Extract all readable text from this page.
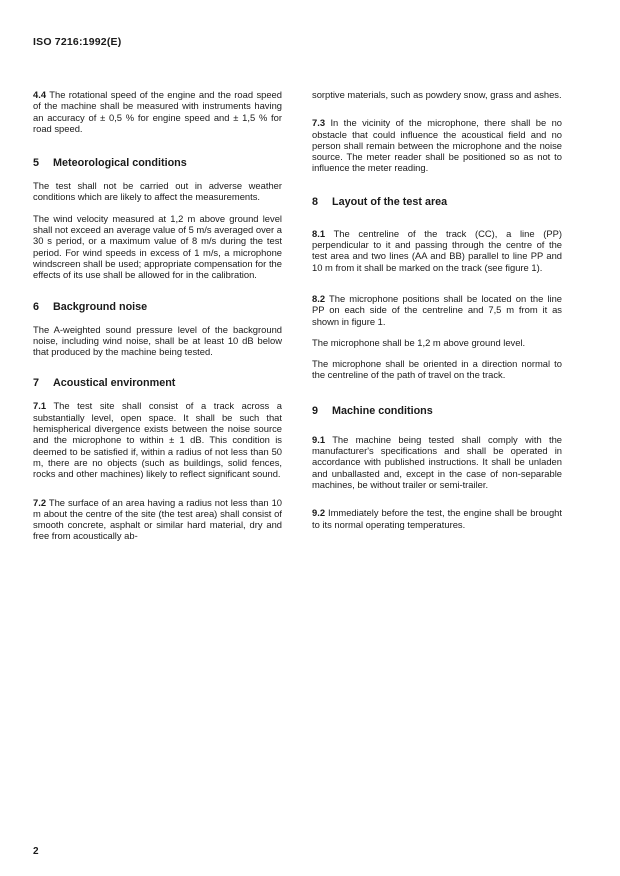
ISO 7216:1992(E)

4.4 The rotational speed of the engine and the road speed of the machine shall be measured with instruments having an accuracy of ± 0,5 % for engine speed and ± 1,5 % for road speed.

5	Meteorological conditions

The test shall not be carried out in adverse weather conditions which are likely to affect the measurements.

The wind velocity measured at 1,2 m above ground level shall not exceed an average value of 5 m/s averaged over a 30 s period, or a maximum value of 8 m/s during the test period. For wind speeds in excess of 1 m/s, a microphone windscreen shall be used; appropriate compensation for the effects of its use shall be allowed for in the calibration.

6	Background noise

The A-weighted sound pressure level of the background noise, including wind noise, shall be at least 10 dB below that produced by the machine being tested.

7	Acoustical environment

7.1 The test site shall consist of a track across a substantially level, open space. It shall be such that hemispherical divergence exists between the noise source and the microphone to within ± 1 dB. This condition is deemed to be satisfied if, within a radius of not less than 50 m, there are no objects (such as buildings, solid fences, rocks and other machines) likely to reflect significant sound.

7.2 The surface of an area having a radius not less than 10 m about the centre of the site (the test area) shall consist of smooth concrete, asphalt or similar hard material, dry and free from acoustically ab-

sorptive materials, such as powdery snow, grass and ashes.

7.3 In the vicinity of the microphone, there shall be no obstacle that could influence the acoustical field and no person shall remain between the microphone and the noise source. The meter reader shall be positioned so as not to influence the meter reading.

8	Layout of the test area

8.1 The centreline of the track (CC), a line (PP) perpendicular to it and passing through the centre of the test area and two lines (AA and BB) parallel to line PP and 10 m from it shall be marked on the track (see figure 1).

8.2 The microphone positions shall be located on the line PP on each side of the centreline and 7,5 m from it as shown in figure 1.

The microphone shall be 1,2 m above ground level.

The microphone shall be oriented in a direction normal to the centreline of the path of travel on the track.

9	Machine conditions

9.1 The machine being tested shall comply with the manufacturer's specifications and shall be operated in accordance with published instructions. It shall be unladen and unballasted and, except in the case of non-separable machines, be without trailer or semi-trailer.

9.2 Immediately before the test, the engine shall be brought to its normal operating temperatures.

2
